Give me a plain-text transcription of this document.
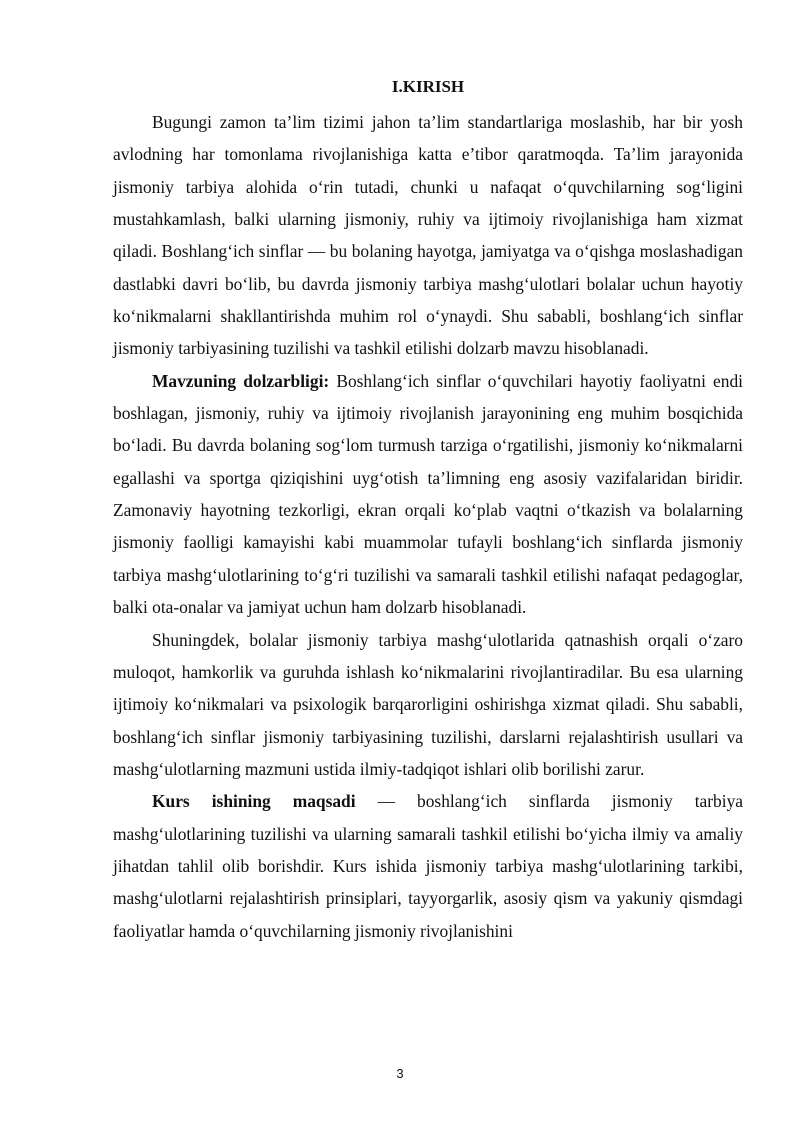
I.KIRISH

Bugungi zamon ta’lim tizimi jahon ta’lim standartlariga moslashib, har bir yosh avlodning har tomonlama rivojlanishiga katta e’tibor qaratmoqda. Ta’lim jarayonida jismoniy tarbiya alohida o‘rin tutadi, chunki u nafaqat o‘quvchilarning sog‘ligini mustahkamlash, balki ularning jismoniy, ruhiy va ijtimoiy rivojlanishiga ham xizmat qiladi. Boshlang‘ich sinflar — bu bolaning hayotga, jamiyatga va o‘qishga moslashadigan dastlabki davri bo‘lib, bu davrda jismoniy tarbiya mashg‘ulotlari bolalar uchun hayotiy ko‘nikmalarni shakllantirishda muhim rol o‘ynaydi. Shu sababli, boshlang‘ich sinflar jismoniy tarbiyasining tuzilishi va tashkil etilishi dolzarb mavzu hisoblanadi.

Mavzuning dolzarbligi: Boshlang‘ich sinflar o‘quvchilari hayotiy faoliyatni endi boshlagan, jismoniy, ruhiy va ijtimoiy rivojlanish jarayonining eng muhim bosqichida bo‘ladi. Bu davrda bolaning sog‘lom turmush tarziga o‘rgatilishi, jismoniy ko‘nikmalarni egallashi va sportga qiziqishini uyg‘otish ta’limning eng asosiy vazifalaridan biridir. Zamonaviy hayotning tezkorligi, ekran orqali ko‘plab vaqtni o‘tkazish va bolalarning jismoniy faolligi kamayishi kabi muammolar tufayli boshlang‘ich sinflarda jismoniy tarbiya mashg‘ulotlarining to‘g‘ri tuzilishi va samarali tashkil etilishi nafaqat pedagoglar, balki ota-onalar va jamiyat uchun ham dolzarb hisoblanadi.

Shuningdek, bolalar jismoniy tarbiya mashg‘ulotlarida qatnashish orqali o‘zaro muloqot, hamkorlik va guruhda ishlash ko‘nikmalarini rivojlantiradilar. Bu esa ularning ijtimoiy ko‘nikmalari va psixologik barqarorligini oshirishga xizmat qiladi. Shu sababli, boshlang‘ich sinflar jismoniy tarbiyasining tuzilishi, darslarni rejalashtirish usullari va mashg‘ulotlarning mazmuni ustida ilmiy-tadqiqot ishlari olib borilishi zarur.

Kurs ishining maqsadi — boshlang‘ich sinflarda jismoniy tarbiya mashg‘ulotlarining tuzilishi va ularning samarali tashkil etilishi bo‘yicha ilmiy va amaliy jihatdan tahlil olib borishdir. Kurs ishida jismoniy tarbiya mashg‘ulotlarining tarkibi, mashg‘ulotlarni rejalashtirish prinsiplari, tayyorgarlik, asosiy qism va yakuniy qismdagi faoliyatlar hamda o‘quvchilarning jismoniy rivojlanishini

3
